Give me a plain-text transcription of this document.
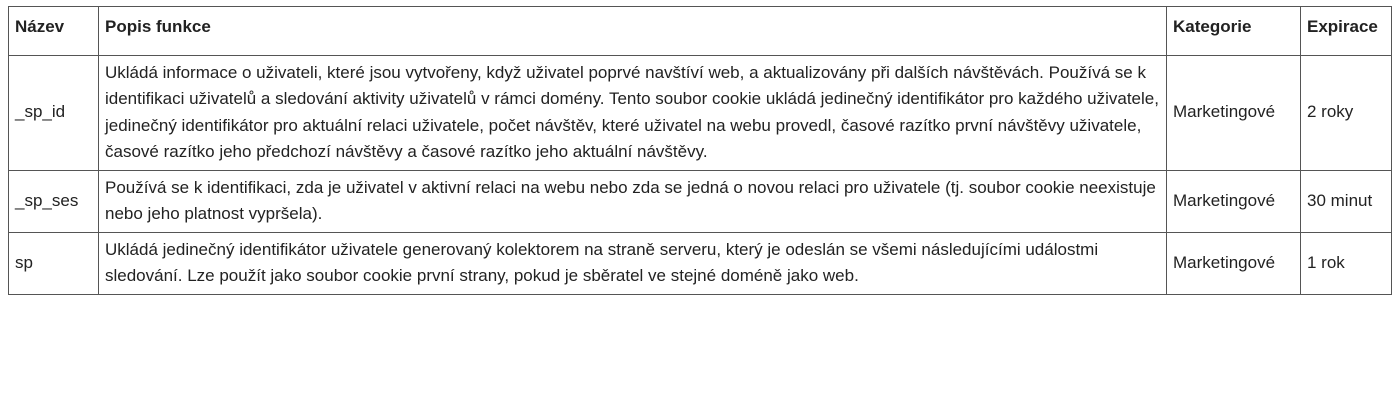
Název	Popis funkce	Kategorie	Expirace
_sp_id	Ukládá informace o uživateli, které jsou vytvořeny, když uživatel poprvé navštíví web, a aktualizovány při dalších návštěvách. Používá se k identifikaci uživatelů a sledování aktivity uživatelů v rámci domény. Tento soubor cookie ukládá jedinečný identifikátor pro každého uživatele, jedinečný identifikátor pro aktuální relaci uživatele, počet návštěv, které uživatel na webu provedl, časové razítko první návštěvy uživatele, časové razítko jeho předchozí návštěvy a časové razítko jeho aktuální návštěvy.	Marketingové	2 roky
_sp_ses	Používá se k identifikaci, zda je uživatel v aktivní relaci na webu nebo zda se jedná o novou relaci pro uživatele (tj. soubor cookie neexistuje nebo jeho platnost vypršela).	Marketingové	30 minut
sp	Ukládá jedinečný identifikátor uživatele generovaný kolektorem na straně serveru, který je odeslán se všemi následujícími událostmi sledování. Lze použít jako soubor cookie první strany, pokud je sběratel ve stejné doméně jako web.	Marketingové	1 rok
